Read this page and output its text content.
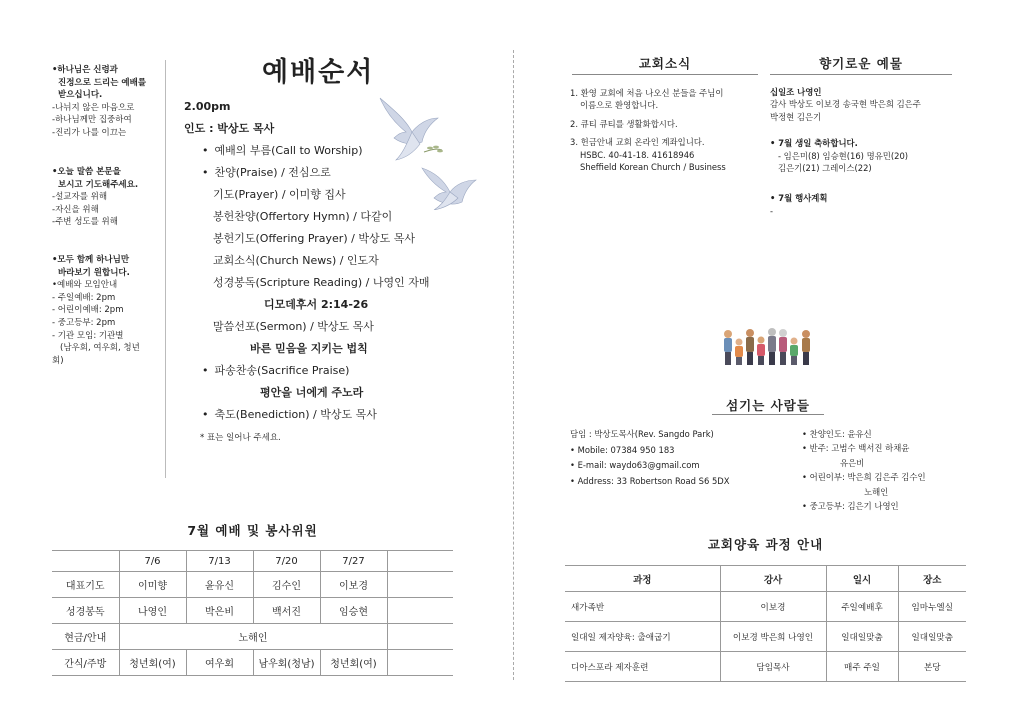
•하나님은 신령과
진정으로 드리는 예배를
받으십니다.
-나뉘지 않은 마음으로
-하나님께만 집중하여
-진리가 나를 이끄는
•오늘 말씀 본문을
보시고 기도해주세요.
-설교자를 위해
-자신을 위해
-주변 성도를 위해
•모두 함께 하나님만
바라보기 원합니다.
•예배와 모임안내
- 주일예배: 2pm
- 어린이예배: 2pm
- 중고등부: 2pm
- 기관 모임: 기관별
(남우회, 여우회, 청년
회)
예배순서
2.00pm
인도 : 박상도 목사
• 예배의 부름(Call to Worship)
• 찬양(Praise) / 전심으로
기도(Prayer) / 이미향 집사
봉헌찬양(Offertory Hymn) / 다같이
봉헌기도(Offering Prayer) / 박상도 목사
교회소식(Church News) / 인도자
성경봉독(Scripture Reading) / 나영인 자매
디모데후서 2:14-26
말씀선포(Sermon) / 박상도 목사
바른 믿음을 지키는 법칙
• 파송찬송(Sacrifice Praise)
평안을 너에게 주노라
• 축도(Benediction) / 박상도 목사
* 표는 일어나 주세요.
7월 예배 및 봉사위원
	7/6	7/13	7/20	7/27	
대표기도	이미향	윤유신	김수인	이보경	
성경봉독	나영인	박은비	백서진	임승현	
현금/안내	노해인				
간식/주방	청년회(여)	여우회	남우회(청남)	청년회(여)	
교회소식
1. 환영 교회에 처음 나오신 분들을 주님이
이름으로 환영합니다.
2. 큐티 큐티를 생활화합시다.
3. 헌금안내 교회 온라인 계좌입니다.
HSBC. 40-41-18. 41618946
Sheffield Korean Church / Business
향기로운 예물
십일조 나영인
감사 박상도 이보경 송국현 박은희 김은주
박정현 김은기
• 7월 생일 축하합니다.
- 임은미(8) 임승현(16) 명유민(20)
김은기(21) 그레이스(22)
• 7월 행사계획
-
섬기는 사람들
담임 : 박상도목사(Rev. Sangdo Park)
• Mobile: 07384 950 183
• E-mail: waydo63@gmail.com
• Address: 33 Robertson Road S6 5DX
• 찬양인도: 윤유신
• 반주: 고범수 백서진 하채윤
유은비
• 어린이부: 박은희 김은주 김수인
노해인
• 중고등부: 김은기 나영인
교회양육 과정 안내
과정	강사	일시	장소
새가족반	이보경	주일예배후	임마누엘실
일대일 제자양육: 출애굽기	이보경 박은희 나영인	일대일맞춤	일대일맞춤
디아스포라 제자훈련	담임목사	매주 주일	본당
